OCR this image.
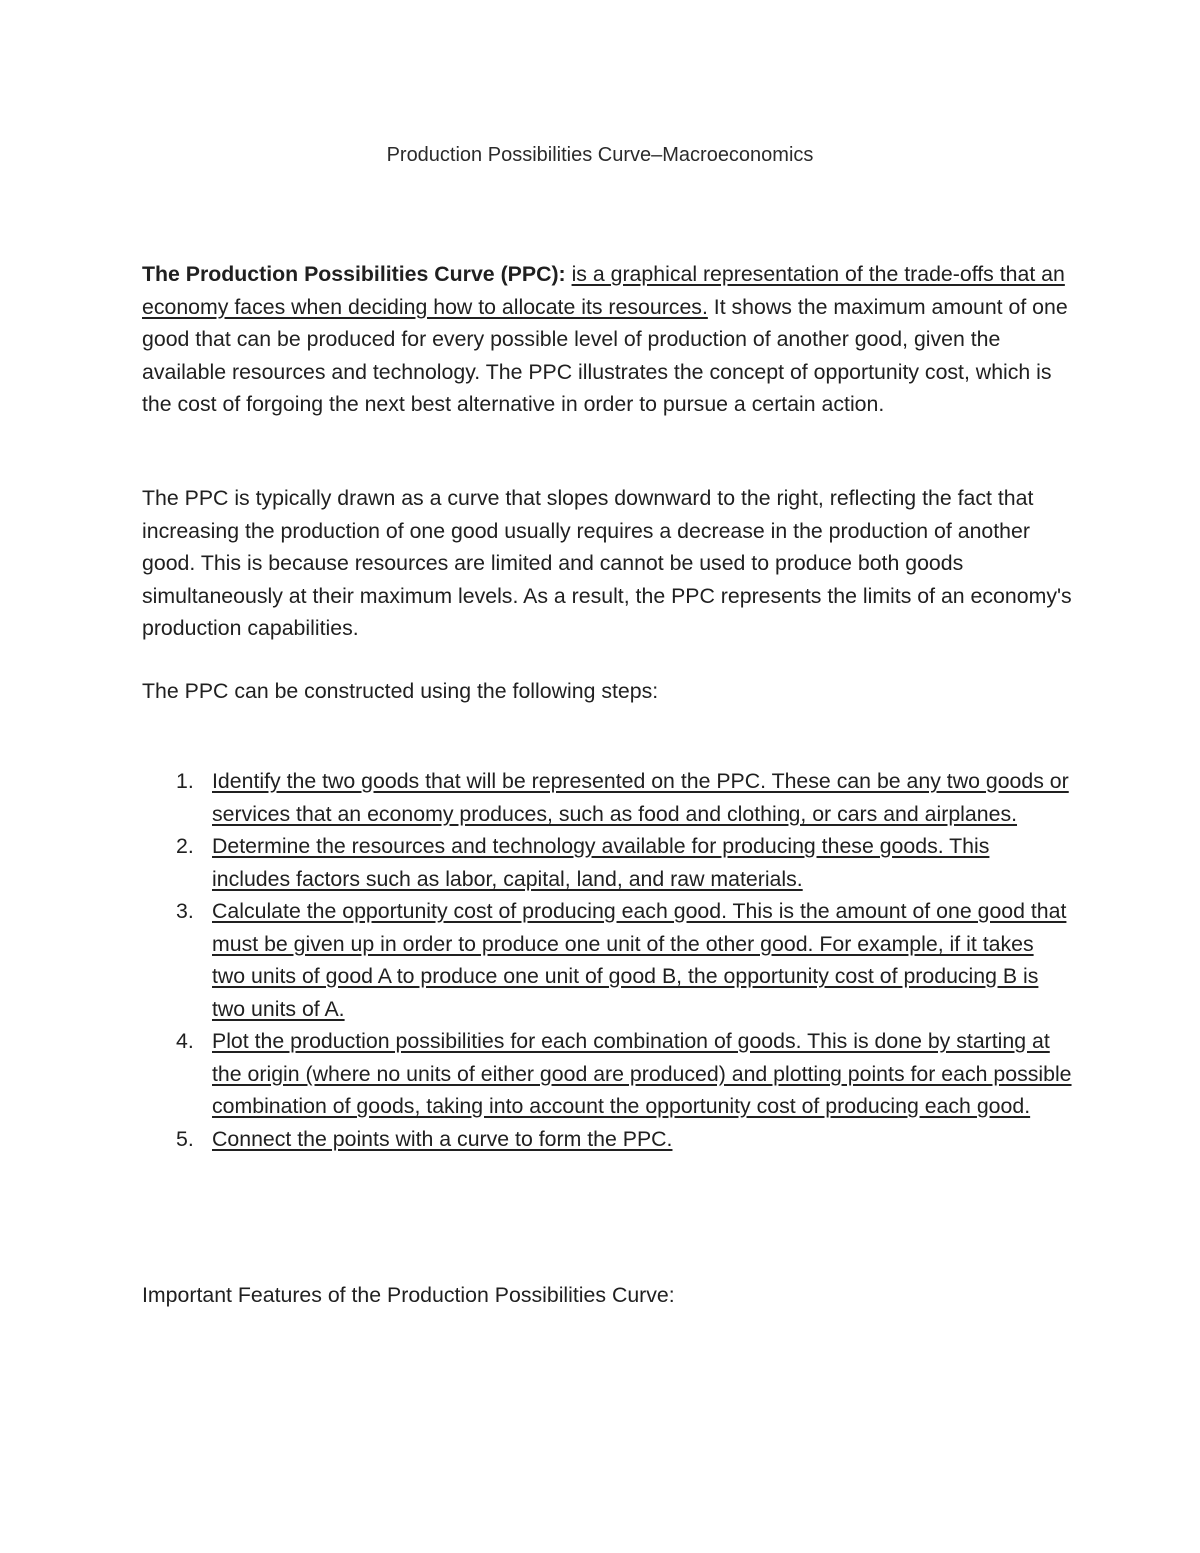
Production Possibilities Curve–Macroeconomics

The Production Possibilities Curve (PPC): is a graphical representation of the trade-offs that an economy faces when deciding how to allocate its resources. It shows the maximum amount of one good that can be produced for every possible level of production of another good, given the available resources and technology. The PPC illustrates the concept of opportunity cost, which is the cost of forgoing the next best alternative in order to pursue a certain action.

The PPC is typically drawn as a curve that slopes downward to the right, reflecting the fact that increasing the production of one good usually requires a decrease in the production of another good. This is because resources are limited and cannot be used to produce both goods simultaneously at their maximum levels. As a result, the PPC represents the limits of an economy's production capabilities.

The PPC can be constructed using the following steps:

1. Identify the two goods that will be represented on the PPC. These can be any two goods or services that an economy produces, such as food and clothing, or cars and airplanes.
2. Determine the resources and technology available for producing these goods. This includes factors such as labor, capital, land, and raw materials.
3. Calculate the opportunity cost of producing each good. This is the amount of one good that must be given up in order to produce one unit of the other good. For example, if it takes two units of good A to produce one unit of good B, the opportunity cost of producing B is two units of A.
4. Plot the production possibilities for each combination of goods. This is done by starting at the origin (where no units of either good are produced) and plotting points for each possible combination of goods, taking into account the opportunity cost of producing each good.
5. Connect the points with a curve to form the PPC.

Important Features of the Production Possibilities Curve:
